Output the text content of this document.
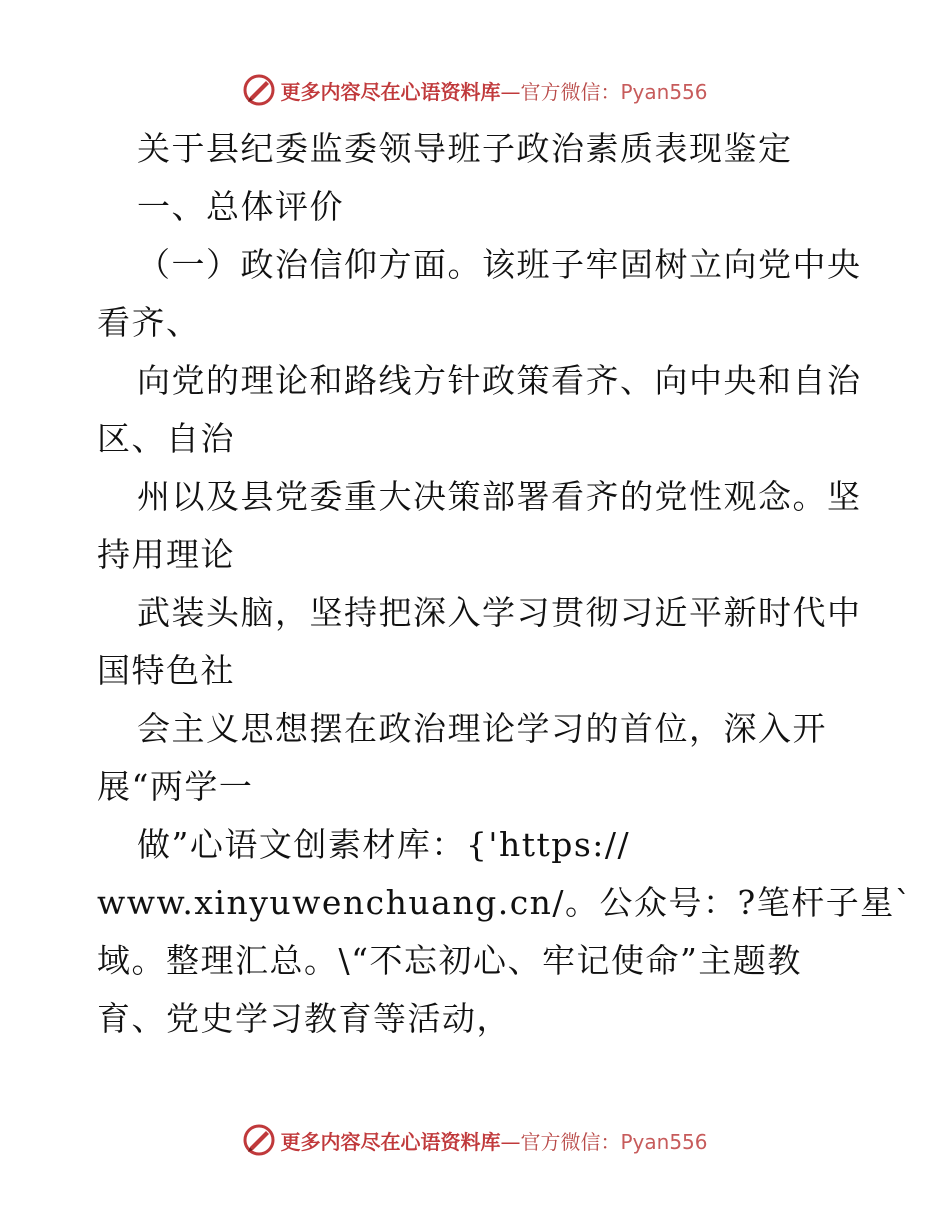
更多内容尽在心语资料库—官方微信：Pyan556
关于县纪委监委领导班子政治素质表现鉴定
一、总体评价
（一）政治信仰方面。该班子牢固树立向党中央
看齐、
向党的理论和路线方针政策看齐、向中央和自治
区、自治
州以及县党委重大决策部署看齐的党性观念。坚
持用理论
武装头脑，坚持把深入学习贯彻习近平新时代中
国特色社
会主义思想摆在政治理论学习的首位，深入开
展“两学一
做”心语文创素材库：{'https://
www.xinyuwenchuang.cn/。公众号：?笔杆子星`
域。整理汇总。\“不忘初心、牢记使命”主题教
育、党史学习教育等活动，
更多内容尽在心语资料库—官方微信：Pyan556
